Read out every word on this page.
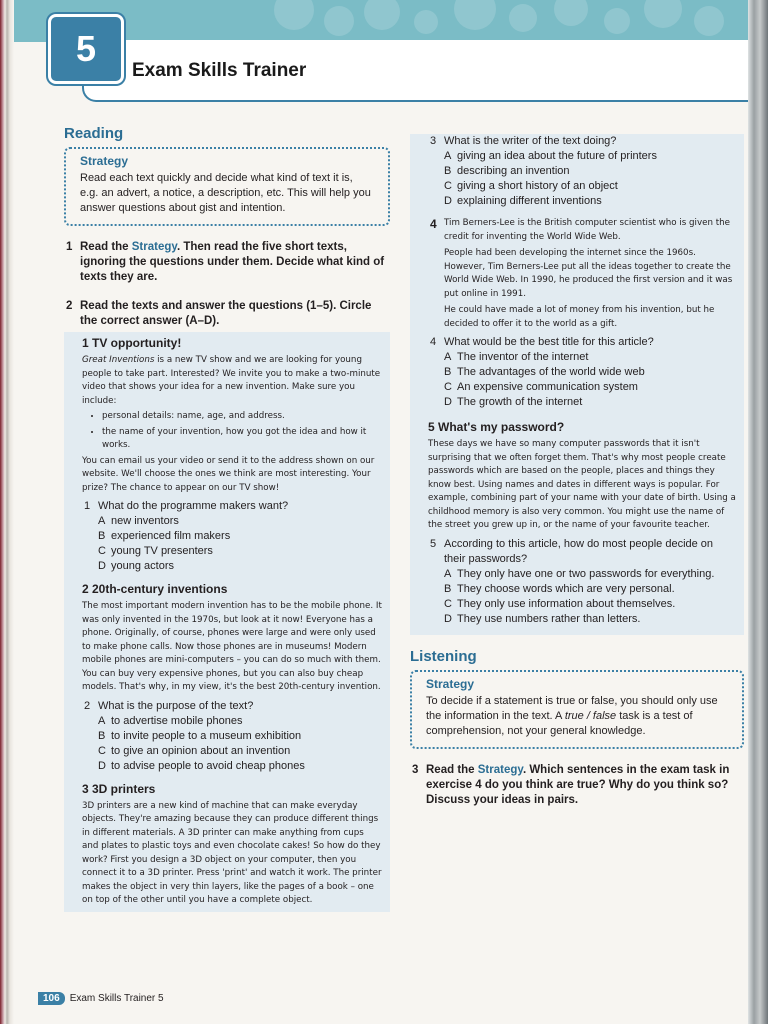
5
Exam Skills Trainer
Reading
Strategy

Read each text quickly and decide what kind of text it is, e.g. an advert, a notice, a description, etc. This will help you answer questions about gist and intention.

1 Read the Strategy. Then read the five short texts, ignoring the questions under them. Decide what kind of texts they are.
2 Read the texts and answer the questions (1–5). Circle the correct answer (A–D).
1 TV opportunity!

Great Inventions is a new TV show and we are looking for young people to take part. Interested? We invite you to make a two-minute video that shows your idea for a new invention. Make sure you include:

• personal details: name, age, and address.
• the name of your invention, how you got the idea and how it works.

You can email us your video or send it to the address shown on our website. We'll choose the ones we think are most interesting. Your prize? The chance to appear on our TV show!

1 What do the programme makers want?
A new inventors
B experienced film makers
C young TV presenters
D young actors
2 20th-century inventions

The most important modern invention has to be the mobile phone. It was only invented in the 1970s, but look at it now! Everyone has a phone. Originally, of course, phones were large and were only used to make phone calls. Now those phones are in museums! Modern mobile phones are mini-computers – you can do so much with them. You can buy very expensive phones, but you can also buy cheap models. That's why, in my view, it's the best 20th-century invention.

2 What is the purpose of the text?
A to advertise mobile phones
B to invite people to a museum exhibition
C to give an opinion about an invention
D to advise people to avoid cheap phones
3 3D printers

3D printers are a new kind of machine that can make everyday objects. They're amazing because they can produce different things in different materials. A 3D printer can make anything from cups and plates to plastic toys and even chocolate cakes! So how do they work? First you design a 3D object on your computer, then you connect it to a 3D printer. Press 'print' and watch it work. The printer makes the object in very thin layers, like the pages of a book – one on top of the other until you have a complete object.

3 What is the writer of the text doing?
A giving an idea about the future of printers
B describing an invention
C giving a short history of an object
D explaining different inventions
4 Tim Berners-Lee is the British computer scientist who is given the credit for inventing the World Wide Web.

People had been developing the internet since the 1960s. However, Tim Berners-Lee put all the ideas together to create the World Wide Web. In 1990, he produced the first version and it was put online in 1991.

He could have made a lot of money from his invention, but he decided to offer it to the world as a gift.

4 What would be the best title for this article?
A The inventor of the internet
B The advantages of the world wide web
C An expensive communication system
D The growth of the internet
5 What's my password?

These days we have so many computer passwords that it isn't surprising that we often forget them. That's why most people create passwords which are based on the people, places and things they know best. Using names and dates in different ways is popular. For example, combining part of your name with your date of birth. Using a childhood memory is also very common. You might use the name of the street you grew up in, or the name of your favourite teacher.

5 According to this article, how do most people decide on their passwords?
A They only have one or two passwords for everything.
B They choose words which are very personal.
C They only use information about themselves.
D They use numbers rather than letters.
Listening
Strategy

To decide if a statement is true or false, you should only use the information in the text. A true / false task is a test of comprehension, not your general knowledge.

3 Read the Strategy. Which sentences in the exam task in exercise 4 do you think are true? Why do you think so? Discuss your ideas in pairs.
106	Exam Skills Trainer 5
